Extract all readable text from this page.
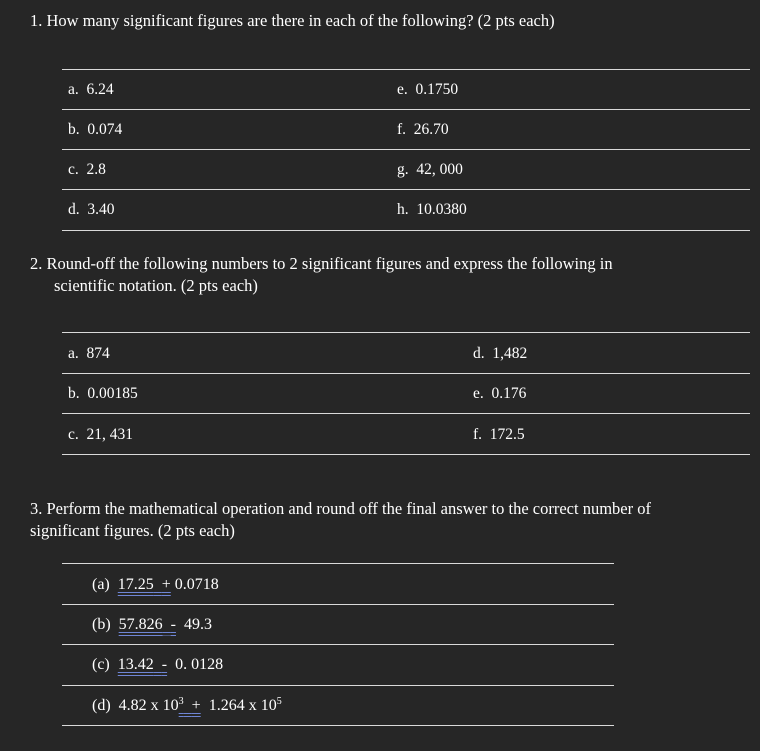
1. How many significant figures are there in each of the following? (2 pts each)
a. 6.24
b. 0.074
c. 2.8
d. 3.40
e. 0.1750
f. 26.70
g. 42, 000
h. 10.0380
2. Round-off the following numbers to 2 significant figures and express the following in
scientific notation. (2 pts each)
a. 874
b. 0.00185
c. 21, 431
d. 1,482
e. 0.176
f. 172.5
3. Perform the mathematical operation and round off the final answer to the correct number of
significant figures. (2 pts each)
(a) 17.25 + 0.0718
(b) 57.826 - 49.3
(c) 13.42 - 0. 0128
(d) 4.82 x $10^3 + 1.264$ x $10^5$
